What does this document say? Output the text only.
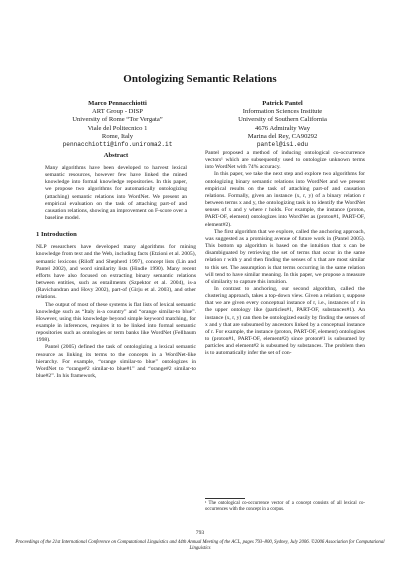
Ontologizing Semantic Relations
Marco Pennacchiotti
ART Group - DISP
University of Rome “Tor Vergata”
Viale del Politecnico 1
Rome, Italy
pennacchiotti@info.uniroma2.it
Patrick Pantel
Information Sciences Institute
University of Southern California
4676 Admiralty Way
Marina del Rey, CA90292
pantel@isi.edu
Abstract
Many algorithms have been developed to harvest lexical semantic resources, however few have linked the mined knowledge into formal knowledge repositories. In this paper, we propose two algorithms for automatically ontologizing (attaching) semantic relations into WordNet. We present an empirical evaluation on the task of attaching part-of and causation relations, showing an improvement on F-score over a baseline model.
1 Introduction

NLP researchers have developed many algorithms for mining knowledge from text and the Web, including facts (Etzioni et al. 2005), semantic lexicons (Riloff and Shepherd 1997), concept lists (Lin and Pantel 2002), and word similarity lists (Hindle 1990). Many recent efforts have also focused on extracting binary semantic relations between entities, such as entailments (Szpektor et al. 2004), is-a (Ravichandran and Hovy 2002), part-of (Girju et al. 2003), and other relations.

The output of most of these systems is flat lists of lexical semantic knowledge such as “Italy is-a country” and “orange similar-to blue”. However, using this knowledge beyond simple keyword matching, for example in inferences, requires it to be linked into formal semantic repositories such as ontologies or term banks like WordNet (Fellbaum 1998).

Pantel (2005) defined the task of ontologizing a lexical semantic resource as linking its terms to the concepts in a WordNet-like hierarchy. For example, “orange similar-to blue” ontologizes in WordNet to “orange#2 similar-to blue#1” and “orange#2 similar-to blue#2”. In his framework,

Pantel proposed a method of inducing ontological co-occurrence vectors¹ which are subsequently used to ontologize unknown terms into WordNet with 74% accuracy.

In this paper, we take the next step and explore two algorithms for ontologizing binary semantic relations into WordNet and we present empirical results on the task of attaching part-of and causation relations. Formally, given an instance (x, r, y) of a binary relation r between terms x and y, the ontologizing task is to identify the WordNet senses of x and y where r holds. For example, the instance (proton, PART-OF, element) ontologizes into WordNet as (proton#1, PART-OF, element#2).

The first algorithm that we explore, called the anchoring approach, was suggested as a promising avenue of future work in (Pantel 2005). This bottom up algorithm is based on the intuition that x can be disambiguated by retrieving the set of terms that occur in the same relation r with y and then finding the senses of x that are most similar to this set. The assumption is that terms occurring in the same relation will tend to have similar meaning. In this paper, we propose a measure of similarity to capture this intuition.

In contrast to anchoring, our second algorithm, called the clustering approach, takes a top-down view. Given a relation r, suppose that we are given every conceptual instance of r, i.e., instances of r in the upper ontology like (particles#1, PART-OF, substances#1). An instance (x, r, y) can then be ontologized easily by finding the senses of x and y that are subsumed by ancestors linked by a conceptual instance of r. For example, the instance (proton, PART-OF, element) ontologizes to (proton#1, PART-OF, element#2) since proton#1 is subsumed by particles and element#2 is subsumed by substances. The problem then is to automatically infer the set of con-

¹ The ontological co-occurrence vector of a concept consists of all lexical co-occurrences with the concept in a corpus.
793
Proceedings of the 21st International Conference on Computational Linguistics and 44th Annual Meeting of the ACL, pages 793–800, Sydney, July 2006. ©2006 Association for Computational Linguistics
